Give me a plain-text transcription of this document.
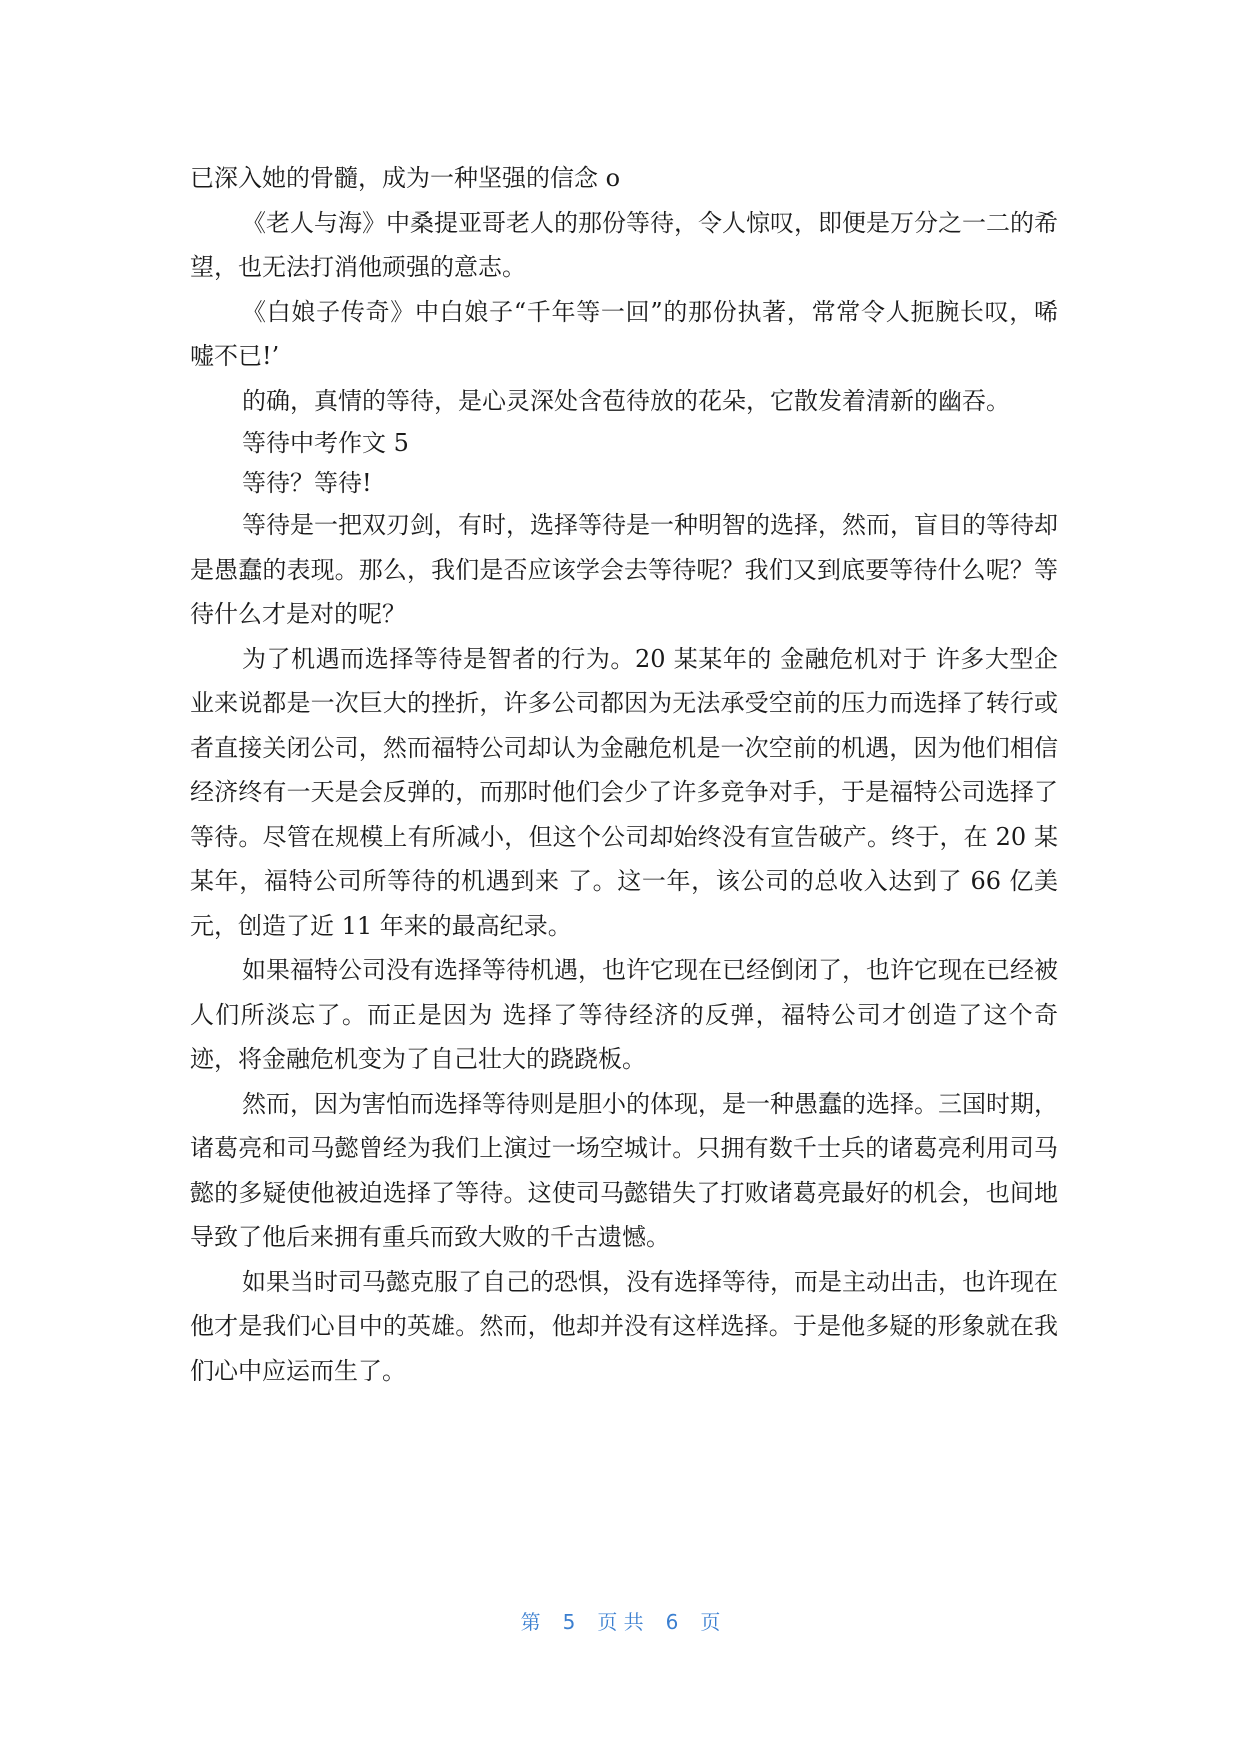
已深入她的骨髓，成为一种坚强的信念 o

《老人与海》中桑提亚哥老人的那份等待，令人惊叹，即便是万分之一二的希望，也无法打消他顽强的意志。

《白娘子传奇》中白娘子“千年等一回”的那份执著，常常令人扼腕长叹，唏嘘不已!’

的确，真情的等待，是心灵深处含苞待放的花朵，它散发着清新的幽吞。

等待中考作文 5

等待？等待!

等待是一把双刃剑，有时，选择等待是一种明智的选择，然而，盲目的等待却是愚蠢的表现。那么，我们是否应该学会去等待呢？我们又到底要等待什么呢？等待什么才是对的呢？

为了机遇而选择等待是智者的行为。20 某某年的 金融危机对于 许多大型企业来说都是一次巨大的挫折，许多公司都因为无法承受空前的压力而选择了转行或者直接关闭公司，然而福特公司却认为金融危机是一次空前的机遇，因为他们相信经济终有一天是会反弹的，而那时他们会少了许多竞争对手，于是福特公司选择了等待。尽管在规模上有所减小，但这个公司却始终没有宣告破产。终于，在 20 某某年，福特公司所等待的机遇到来 了。这一年，该公司的总收入达到了 66 亿美元，创造了近 11 年来的最高纪录。

如果福特公司没有选择等待机遇，也许它现在已经倒闭了，也许它现在已经被人们所淡忘了。而正是因为 选择了等待经济的反弹，福特公司才创造了这个奇迹，将金融危机变为了自己壮大的跷跷板。

然而，因为害怕而选择等待则是胆小的体现，是一种愚蠢的选择。三国时期，诸葛亮和司马懿曾经为我们上演过一场空城计。只拥有数千士兵的诸葛亮利用司马懿的多疑使他被迫选择了等待。这使司马懿错失了打败诸葛亮最好的机会，也间地导致了他后来拥有重兵而致大败的千古遗憾。

如果当时司马懿克服了自己的恐惧，没有选择等待，而是主动出击，也许现在他才是我们心目中的英雄。然而，他却并没有这样选择。于是他多疑的形象就在我们心中应运而生了。

第 5 页 共 6 页
